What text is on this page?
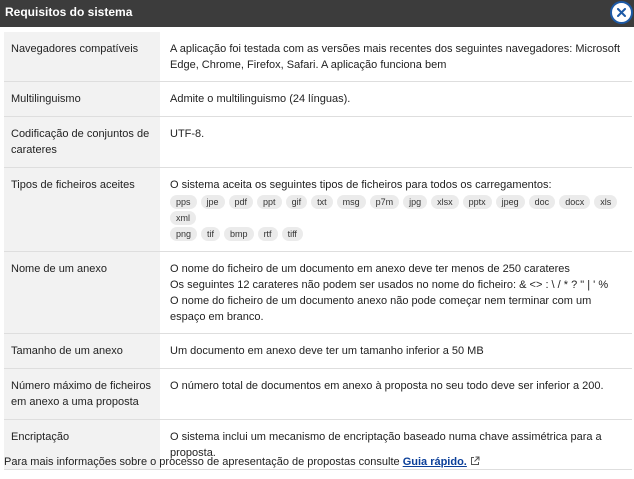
Requisitos do sistema
Navegadores compatíveis	A aplicação foi testada com as versões mais recentes dos seguintes navegadores: Microsoft Edge, Chrome, Firefox, Safari. A aplicação funciona bem

Multilinguismo	Admite o multilinguismo (24 línguas).

Codificação de conjuntos de carateres	UTF-8.

Tipos de ficheiros aceites	O sistema aceita os seguintes tipos de ficheiros para todos os carregamentos:
pps jpe pdf ppt gif txt msg p7m jpg xlsx pptx jpeg doc docx xlsxml
png tif bmp rtf tiff

Nome de um anexo	O nome do ficheiro de um documento em anexo deve ter menos de 250 carateres
Os seguintes 12 carateres não podem ser usados no nome do ficheiro: & <> : \ / * ? " | ' %
O nome do ficheiro de um documento anexo não pode começar nem terminar com um espaço em branco.

Tamanho de um anexo	Um documento em anexo deve ter um tamanho inferior a 50 MB

Número máximo de ficheiros em anexo a uma proposta	O número total de documentos em anexo à proposta no seu todo deve ser inferior a 200.

Encriptação	O sistema inclui um mecanismo de encriptação baseado numa chave assimétrica para a proposta.
Para mais informações sobre o processo de apresentação de propostas consulte Guia rápido.
